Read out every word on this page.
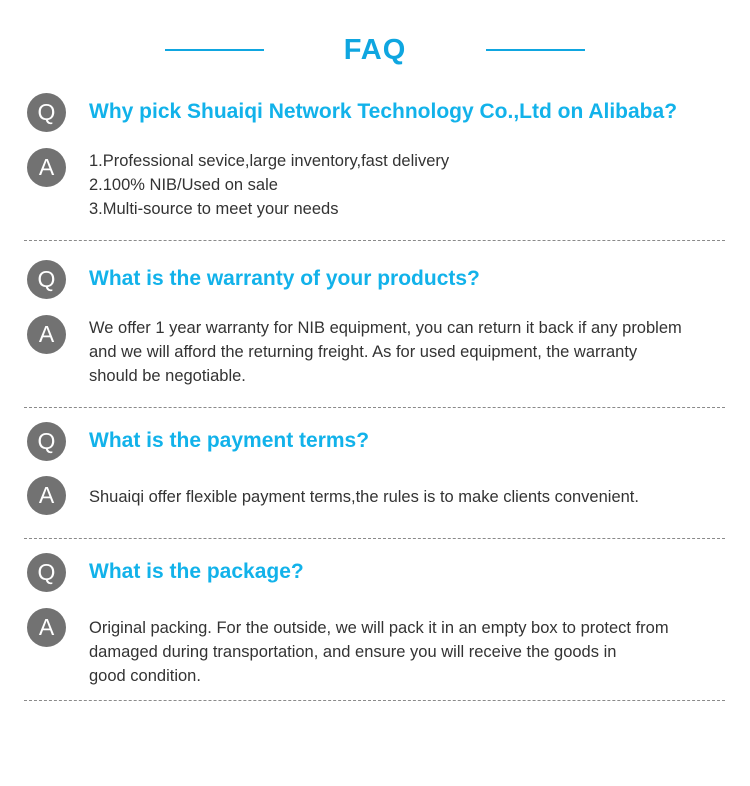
FAQ
Q	Why pick Shuaiqi Network Technology Co.,Ltd on Alibaba?
A	1.Professional sevice,large inventory,fast delivery
2.100% NIB/Used on sale
3.Multi-source to meet your needs
Q	What is the warranty of your products?
A	We offer 1 year warranty for NIB equipment, you can return it back if any problem
and we will afford the returning freight. As for used equipment, the warranty
should be negotiable.
Q	What is the payment terms?
A	Shuaiqi offer flexible payment terms,the rules is to make clients convenient.
Q	What is the package?
A	Original packing. For the outside, we will pack it in an empty box to protect from
damaged during transportation, and ensure you will receive the goods in
good condition.
